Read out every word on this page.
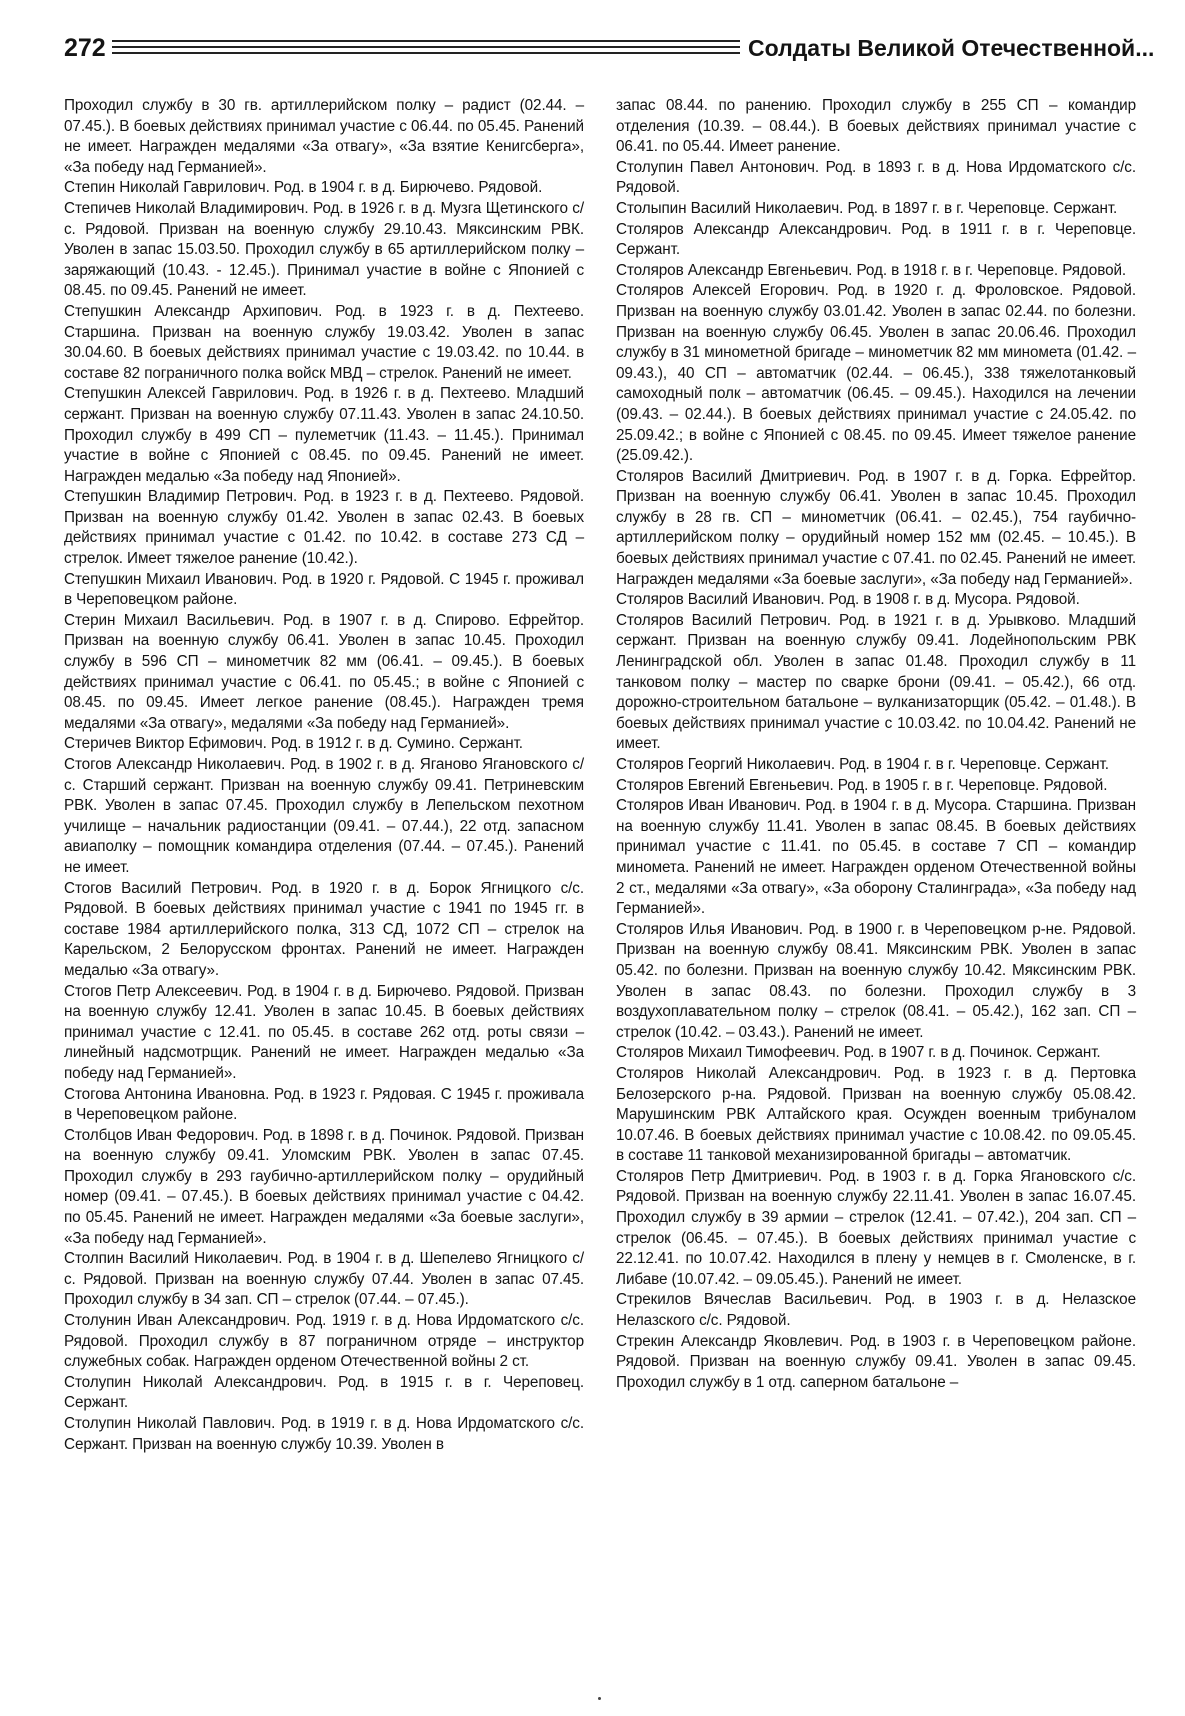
272	Солдаты Великой Отечественной...

Проходил службу в 30 гв. артиллерийском полку – радист (02.44. – 07.45.). В боевых действиях принимал участие с 06.44. по 05.45. Ранений не имеет. Награжден медалями «За отвагу», «За взятие Кенигсберга», «За победу над Германией».

Степин Николай Гаврилович. Род. в 1904 г. в д. Бирючево. Рядовой.

Степичев Николай Владимирович. Род. в 1926 г. в д. Музга Щетинского с/с. Рядовой. Призван на военную службу 29.10.43. Мяксинским РВК. Уволен в запас 15.03.50. Проходил службу в 65 артиллерийском полку – заряжающий (10.43. - 12.45.). Принимал участие в войне с Японией с 08.45. по 09.45. Ранений не имеет.

Степушкин Александр Архипович. Род. в 1923 г. в д. Пехтеево. Старшина. Призван на военную службу 19.03.42. Уволен в запас 30.04.60. В боевых действиях принимал участие с 19.03.42. по 10.44. в составе 82 пограничного полка войск МВД – стрелок. Ранений не имеет.

Степушкин Алексей Гаврилович. Род. в 1926 г. в д. Пехтеево. Младший сержант. Призван на военную службу 07.11.43. Уволен в запас 24.10.50. Проходил службу в 499 СП – пулеметчик (11.43. – 11.45.). Принимал участие в войне с Японией с 08.45. по 09.45. Ранений не имеет. Награжден медалью «За победу над Японией».

Степушкин Владимир Петрович. Род. в 1923 г. в д. Пехтеево. Рядовой. Призван на военную службу 01.42. Уволен в запас 02.43. В боевых действиях принимал участие с 01.42. по 10.42. в составе 273 СД – стрелок. Имеет тяжелое ранение (10.42.).

Степушкин Михаил Иванович. Род. в 1920 г. Рядовой. С 1945 г. проживал в Череповецком районе.

Стерин Михаил Васильевич. Род. в 1907 г. в д. Спирово. Ефрейтор. Призван на военную службу 06.41. Уволен в запас 10.45. Проходил службу в 596 СП – минометчик 82 мм (06.41. – 09.45.). В боевых действиях принимал участие с 06.41. по 05.45.; в войне с Японией с 08.45. по 09.45. Имеет легкое ранение (08.45.). Награжден тремя медалями «За отвагу», медалями «За победу над Германией».

Стеричев Виктор Ефимович. Род. в 1912 г. в д. Сумино. Сержант.

Стогов Александр Николаевич. Род. в 1902 г. в д. Яганово Ягановского с/с. Старший сержант. Призван на военную службу 09.41. Петриневским РВК. Уволен в запас 07.45. Проходил службу в Лепельском пехотном училище – начальник радиостанции (09.41. – 07.44.), 22 отд. запасном авиаполку – помощник командира отделения (07.44. – 07.45.). Ранений не имеет.

Стогов Василий Петрович. Род. в 1920 г. в д. Борок Ягницкого с/с. Рядовой. В боевых действиях принимал участие с 1941 по 1945 гг. в составе 1984 артиллерийского полка, 313 СД, 1072 СП – стрелок на Карельском, 2 Белорусском фронтах. Ранений не имеет. Награжден медалью «За отвагу».

Стогов Петр Алексеевич. Род. в 1904 г. в д. Бирючево. Рядовой. Призван на военную службу 12.41. Уволен в запас 10.45. В боевых действиях принимал участие с 12.41. по 05.45. в составе 262 отд. роты связи – линейный надсмотрщик. Ранений не имеет. Награжден медалью «За победу над Германией».

Стогова Антонина Ивановна. Род. в 1923 г. Рядовая. С 1945 г. проживала в Череповецком районе.

Столбцов Иван Федорович. Род. в 1898 г. в д. Починок. Рядовой. Призван на военную службу 09.41. Уломским РВК. Уволен в запас 07.45. Проходил службу в 293 гаубично-артиллерийском полку – орудийный номер (09.41. – 07.45.). В боевых действиях принимал участие с 04.42. по 05.45. Ранений не имеет. Награжден медалями «За боевые заслуги», «За победу над Германией».

Столпин Василий Николаевич. Род. в 1904 г. в д. Шепелево Ягницкого с/с. Рядовой. Призван на военную службу 07.44. Уволен в запас 07.45. Проходил службу в 34 зап. СП – стрелок (07.44. – 07.45.).

Столунин Иван Александрович. Род. 1919 г. в д. Нова Ирдоматского с/с. Рядовой. Проходил службу в 87 пограничном отряде – инструктор служебных собак. Награжден орденом Отечественной войны 2 ст.

Столупин Николай Александрович. Род. в 1915 г. в г. Череповец. Сержант.

Столупин Николай Павлович. Род. в 1919 г. в д. Нова Ирдоматского с/с. Сержант. Призван на военную службу 10.39. Уволен в

запас 08.44. по ранению. Проходил службу в 255 СП – командир отделения (10.39. – 08.44.). В боевых действиях принимал участие с 06.41. по 05.44. Имеет ранение.

Столупин Павел Антонович. Род. в 1893 г. в д. Нова Ирдоматского с/с. Рядовой.

Столыпин Василий Николаевич. Род. в 1897 г. в г. Череповце. Сержант.

Столяров Александр Александрович. Род. в 1911 г. в г. Череповце. Сержант.

Столяров Александр Евгеньевич. Род. в 1918 г. в г. Череповце. Рядовой.

Столяров Алексей Егорович. Род. в 1920 г. д. Фроловское. Рядовой. Призван на военную службу 03.01.42. Уволен в запас 02.44. по болезни. Призван на военную службу 06.45. Уволен в запас 20.06.46. Проходил службу в 31 минометной бригаде – минометчик 82 мм миномета (01.42. – 09.43.), 40 СП – автоматчик (02.44. – 06.45.), 338 тяжелотанковый самоходный полк – автоматчик (06.45. – 09.45.). Находился на лечении (09.43. – 02.44.). В боевых действиях принимал участие с 24.05.42. по 25.09.42.; в войне с Японией с 08.45. по 09.45. Имеет тяжелое ранение (25.09.42.).

Столяров Василий Дмитриевич. Род. в 1907 г. в д. Горка. Ефрейтор. Призван на военную службу 06.41. Уволен в запас 10.45. Проходил службу в 28 гв. СП – минометчик (06.41. – 02.45.), 754 гаубично-артиллерийском полку – орудийный номер 152 мм (02.45. – 10.45.). В боевых действиях принимал участие с 07.41. по 02.45. Ранений не имеет. Награжден медалями «За боевые заслуги», «За победу над Германией».

Столяров Василий Иванович. Род. в 1908 г. в д. Мусора. Рядовой.

Столяров Василий Петрович. Род. в 1921 г. в д. Урывково. Младший сержант. Призван на военную службу 09.41. Лодейнопольским РВК Ленинградской обл. Уволен в запас 01.48. Проходил службу в 11 танковом полку – мастер по сварке брони (09.41. – 05.42.), 66 отд. дорожно-строительном батальоне – вулканизаторщик (05.42. – 01.48.). В боевых действиях принимал участие с 10.03.42. по 10.04.42. Ранений не имеет.

Столяров Георгий Николаевич. Род. в 1904 г. в г. Череповце. Сержант.

Столяров Евгений Евгеньевич. Род. в 1905 г. в г. Череповце. Рядовой.

Столяров Иван Иванович. Род. в 1904 г. в д. Мусора. Старшина. Призван на военную службу 11.41. Уволен в запас 08.45. В боевых действиях принимал участие с 11.41. по 05.45. в составе 7 СП – командир миномета. Ранений не имеет. Награжден орденом Отечественной войны 2 ст., медалями «За отвагу», «За оборону Сталинграда», «За победу над Германией».

Столяров Илья Иванович. Род. в 1900 г. в Череповецком р-не. Рядовой. Призван на военную службу 08.41. Мяксинским РВК. Уволен в запас 05.42. по болезни. Призван на военную службу 10.42. Мяксинским РВК. Уволен в запас 08.43. по болезни. Проходил службу в 3 воздухоплавательном полку – стрелок (08.41. – 05.42.), 162 зап. СП – стрелок (10.42. – 03.43.). Ранений не имеет.

Столяров Михаил Тимофеевич. Род. в 1907 г. в д. Починок. Сержант.

Столяров Николай Александрович. Род. в 1923 г. в д. Пертовка Белозерского р-на. Рядовой. Призван на военную службу 05.08.42. Марушинским РВК Алтайского края. Осужден военным трибуналом 10.07.46. В боевых действиях принимал участие с 10.08.42. по 09.05.45. в составе 11 танковой механизированной бригады – автоматчик.

Столяров Петр Дмитриевич. Род. в 1903 г. в д. Горка Ягановского с/с. Рядовой. Призван на военную службу 22.11.41. Уволен в запас 16.07.45. Проходил службу в 39 армии – стрелок (12.41. – 07.42.), 204 зап. СП – стрелок (06.45. – 07.45.). В боевых действиях принимал участие с 22.12.41. по 10.07.42. Находился в плену у немцев в г. Смоленске, в г. Либаве (10.07.42. – 09.05.45.). Ранений не имеет.

Стрекилов Вячеслав Васильевич. Род. в 1903 г. в д. Нелазское Нелазского с/с. Рядовой.

Стрекин Александр Яковлевич. Род. в 1903 г. в Череповецком районе. Рядовой. Призван на военную службу 09.41. Уволен в запас 09.45. Проходил службу в 1 отд. саперном батальоне –
